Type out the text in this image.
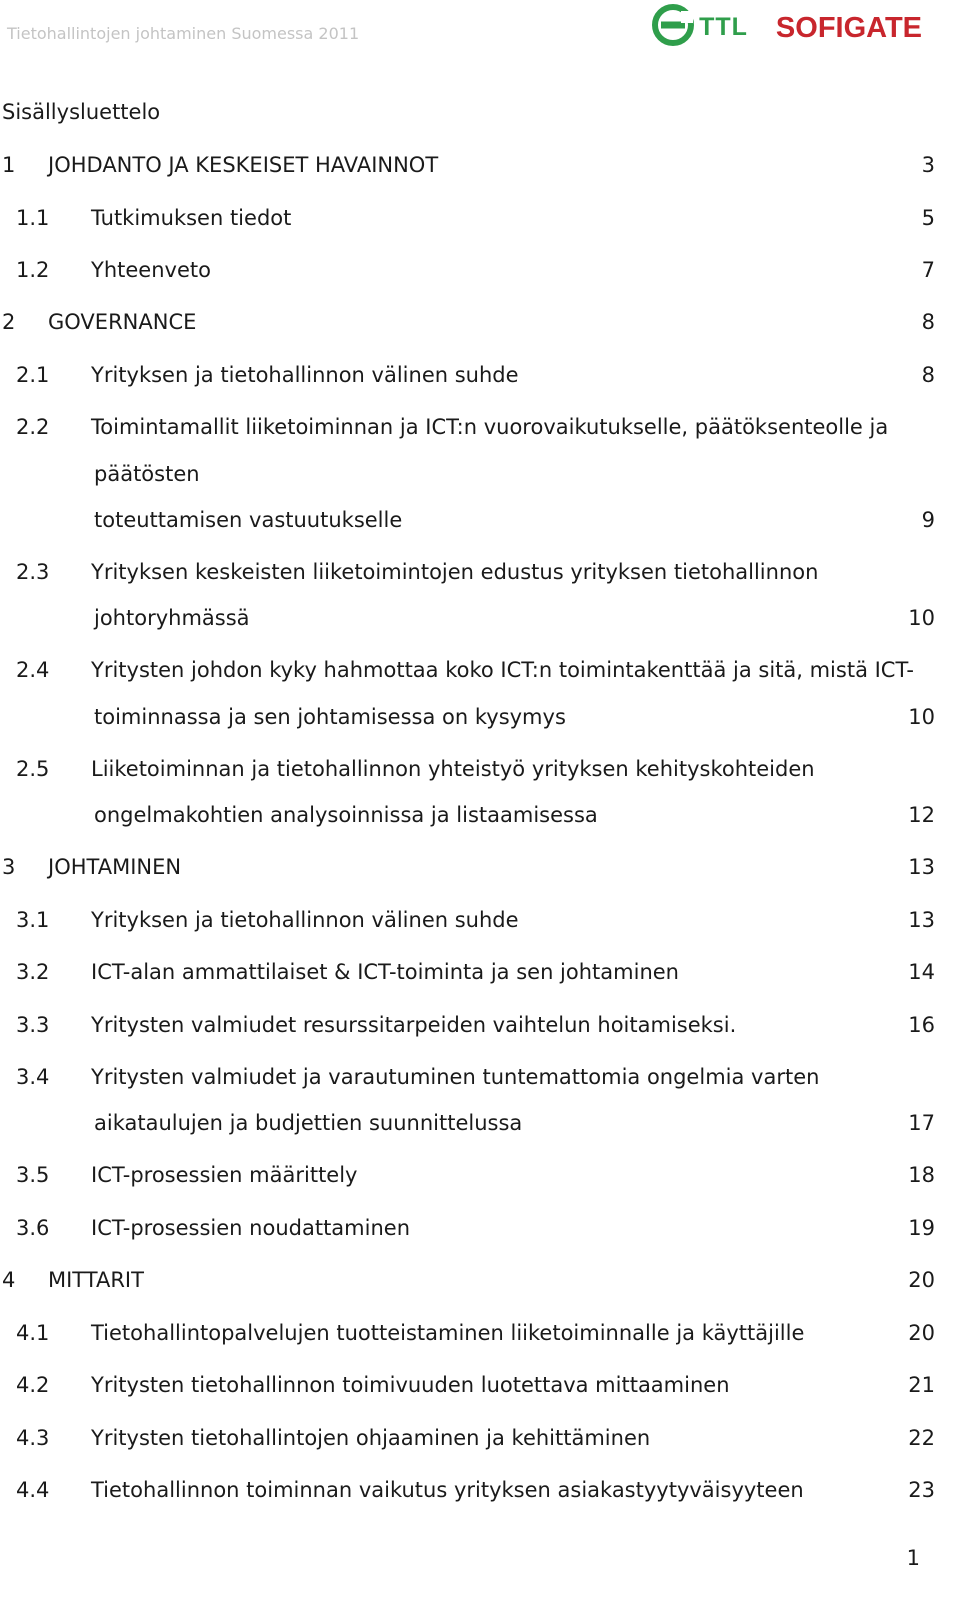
Tietohallintojen johtaminen Suomessa 2011	TTL SOFIGATE
Sisällysluettelo
1 JOHDANTO JA KESKEISET HAVAINNOT	3
1.1 Tutkimuksen tiedot	5
1.2 Yhteenveto	7
2 GOVERNANCE	8
2.1 Yrityksen ja tietohallinnon välinen suhde	8
2.2 Toimintamallit liiketoiminnan ja ICT:n vuorovaikutukselle, päätöksenteolle ja
päätösten
toteuttamisen vastuutukselle	9
2.3 Yrityksen keskeisten liiketoimintojen edustus yrityksen tietohallinnon
johtoryhmässä	10
2.4 Yritysten johdon kyky hahmottaa koko ICT:n toimintakenttää ja sitä, mistä ICT-
toiminnassa ja sen johtamisessa on kysymys	10
2.5 Liiketoiminnan ja tietohallinnon yhteistyö yrityksen kehityskohteiden
ongelmakohtien analysoinnissa ja listaamisessa	12
3 JOHTAMINEN	13
3.1 Yrityksen ja tietohallinnon välinen suhde	13
3.2 ICT-alan ammattilaiset & ICT-toiminta ja sen johtaminen	14
3.3 Yritysten valmiudet resurssitarpeiden vaihtelun hoitamiseksi.	16
3.4 Yritysten valmiudet ja varautuminen tuntemattomia ongelmia varten
aikataulujen ja budjettien suunnittelussa	17
3.5 ICT-prosessien määrittely	18
3.6 ICT-prosessien noudattaminen	19
4 MITTARIT	20
4.1 Tietohallintopalvelujen tuotteistaminen liiketoiminnalle ja käyttäjille	20
4.2 Yritysten tietohallinnon toimivuuden luotettava mittaaminen	21
4.3 Yritysten tietohallintojen ohjaaminen ja kehittäminen	22
4.4 Tietohallinnon toiminnan vaikutus yrityksen asiakastyytyväisyyteen	23
1
